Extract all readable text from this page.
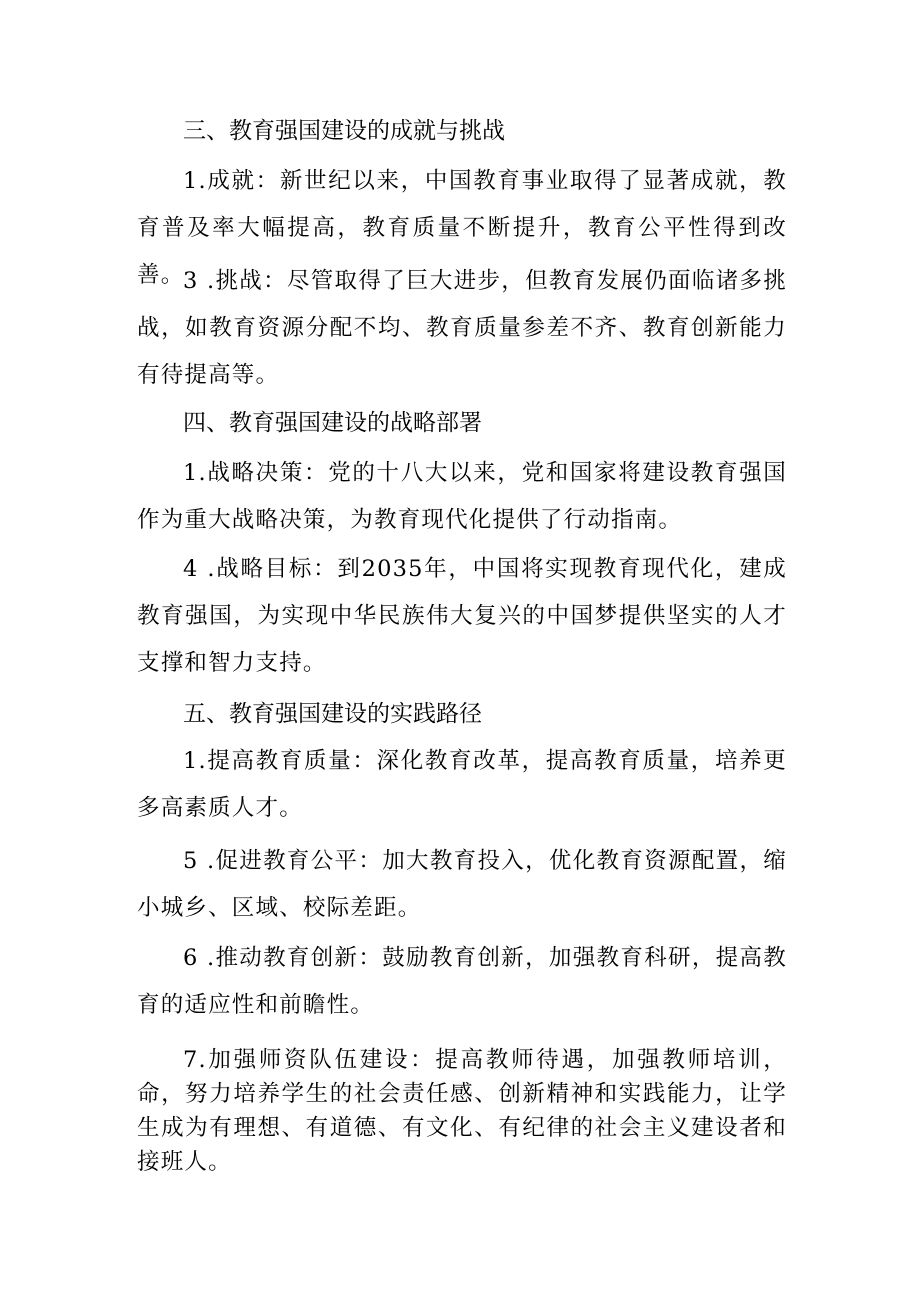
三、教育强国建设的成就与挑战
1.成就：新世纪以来，中国教育事业取得了显著成就，教育普及率大幅提高，教育质量不断提升，教育公平性得到改善。
3 .挑战：尽管取得了巨大进步，但教育发展仍面临诸多挑战，如教育资源分配不均、教育质量参差不齐、教育创新能力有待提高等。
四、教育强国建设的战略部署
1.战略决策：党的十八大以来，党和国家将建设教育强国作为重大战略决策，为教育现代化提供了行动指南。
4 .战略目标：到2035年，中国将实现教育现代化，建成教育强国，为实现中华民族伟大复兴的中国梦提供坚实的人才支撑和智力支持。
五、教育强国建设的实践路径
1.提高教育质量：深化教育改革，提高教育质量，培养更多高素质人才。
5 .促进教育公平：加大教育投入，优化教育资源配置，缩小城乡、区域、校际差距。
6 .推动教育创新：鼓励教育创新，加强教育科研，提高教育的适应性和前瞻性。
7.加强师资队伍建设：提高教师待遇，加强教师培训，命，努力培养学生的社会责任感、创新精神和实践能力，让学生成为有理想、有道德、有文化、有纪律的社会主义建设者和接班人。
